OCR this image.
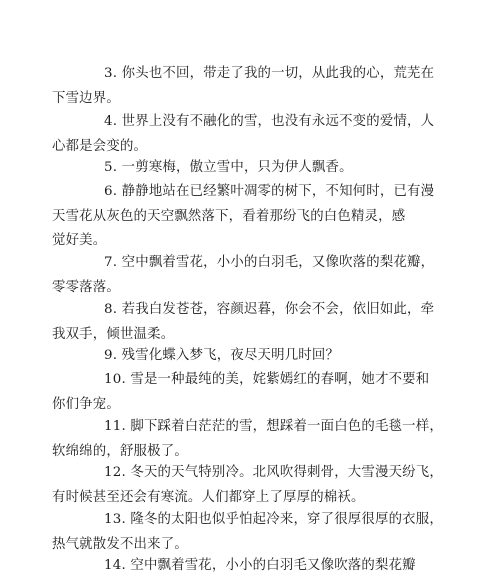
3. 你头也不回，带走了我的一切，从此我的心，荒芜在
下雪边界。

4. 世界上没有不融化的雪，也没有永远不变的爱情，人
心都是会变的。

5. 一剪寒梅，傲立雪中，只为伊人飘香。

6. 静静地站在已经繁叶凋零的树下，不知何时，已有漫
天雪花从灰色的天空飘然落下，看着那纷飞的白色精灵，感
觉好美。

7. 空中飘着雪花，小小的白羽毛，又像吹落的梨花瓣，
零零落落。

8. 若我白发苍苍，容颜迟暮，你会不会，依旧如此，牵
我双手，倾世温柔。

9. 残雪化蝶入梦飞，夜尽天明几时回？

10. 雪是一种最纯的美，姹紫嫣红的春啊，她才不要和
你们争宠。

11. 脚下踩着白茫茫的雪，想踩着一面白色的毛毯一样，
软绵绵的，舒服极了。

12. 冬天的天气特别冷。北风吹得刺骨，大雪漫天纷飞，
有时候甚至还会有寒流。人们都穿上了厚厚的棉袄。

13. 隆冬的太阳也似乎怕起冷来，穿了很厚很厚的衣服，
热气就散发不出来了。

14. 空中飘着雪花，小小的白羽毛又像吹落的梨花瓣
